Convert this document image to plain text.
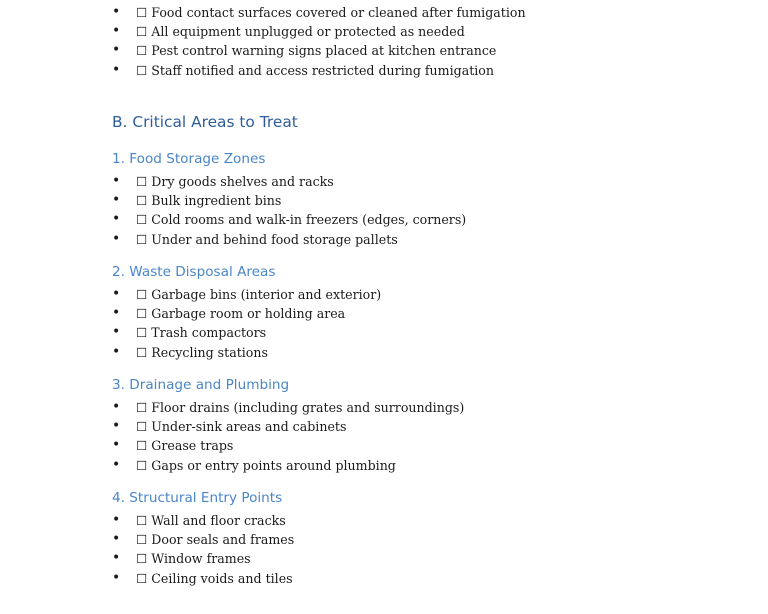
• ☐ Food contact surfaces covered or cleaned after fumigation
• ☐ All equipment unplugged or protected as needed
• ☐ Pest control warning signs placed at kitchen entrance
• ☐ Staff notified and access restricted during fumigation
B. Critical Areas to Treat
1. Food Storage Zones
• ☐ Dry goods shelves and racks
• ☐ Bulk ingredient bins
• ☐ Cold rooms and walk-in freezers (edges, corners)
• ☐ Under and behind food storage pallets
2. Waste Disposal Areas
• ☐ Garbage bins (interior and exterior)
• ☐ Garbage room or holding area
• ☐ Trash compactors
• ☐ Recycling stations
3. Drainage and Plumbing
• ☐ Floor drains (including grates and surroundings)
• ☐ Under-sink areas and cabinets
• ☐ Grease traps
• ☐ Gaps or entry points around plumbing
4. Structural Entry Points
• ☐ Wall and floor cracks
• ☐ Door seals and frames
• ☐ Window frames
• ☐ Ceiling voids and tiles
